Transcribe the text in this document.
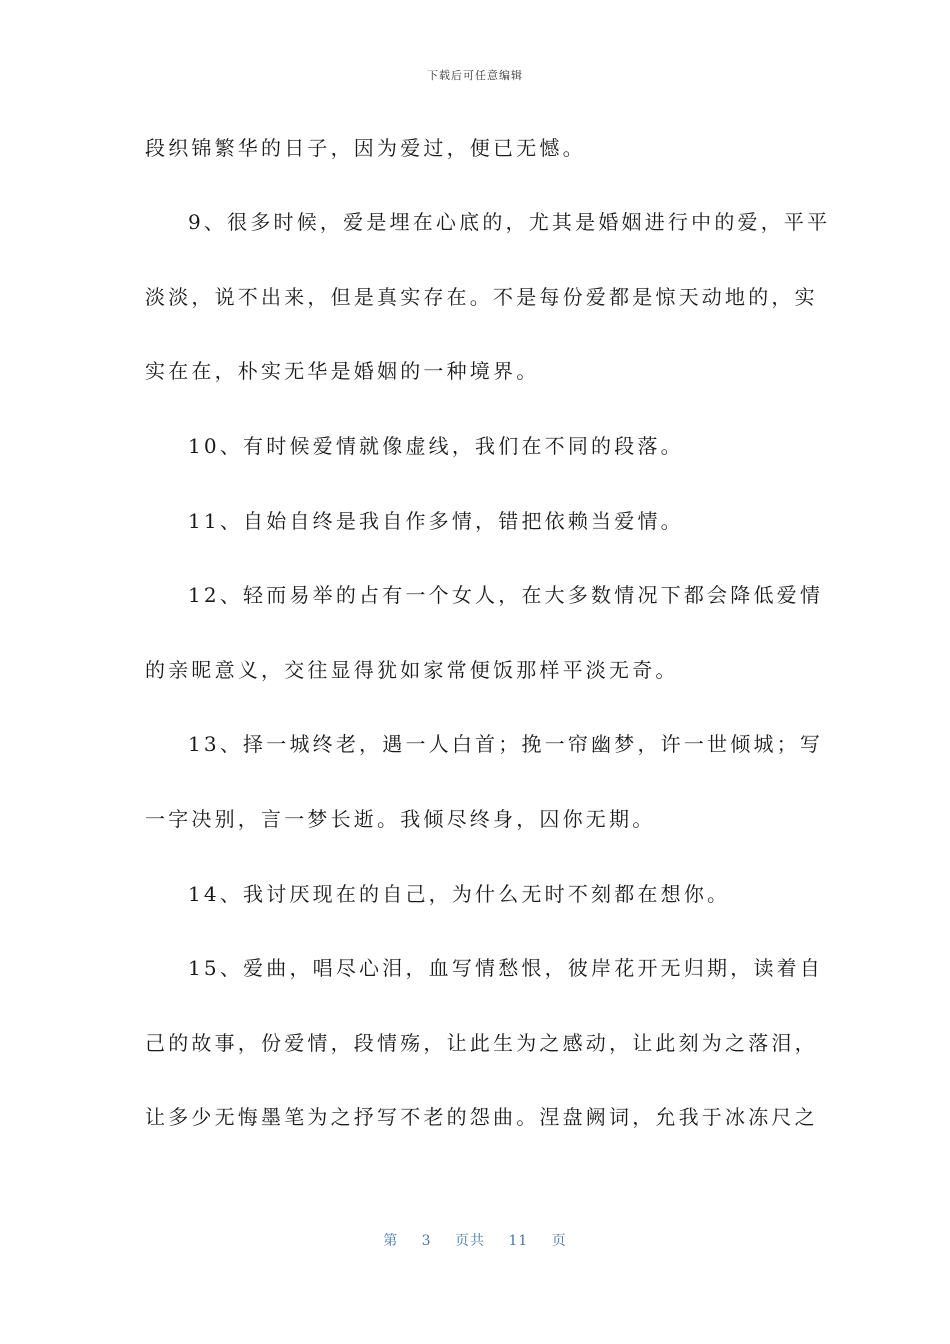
下载后可任意编辑
段织锦繁华的日子，因为爱过，便已无憾。
9、很多时候，爱是埋在心底的，尤其是婚姻进行中的爱，平平
淡淡，说不出来，但是真实存在。不是每份爱都是惊天动地的，实
实在在，朴实无华是婚姻的一种境界。
10、有时候爱情就像虚线，我们在不同的段落。
11、自始自终是我自作多情，错把依赖当爱情。
12、轻而易举的占有一个女人，在大多数情况下都会降低爱情
的亲昵意义，交往显得犹如家常便饭那样平淡无奇。
13、择一城终老，遇一人白首；挽一帘幽梦，许一世倾城；写
一字决别，言一梦长逝。我倾尽终身，囚你无期。
14、我讨厌现在的自己，为什么无时不刻都在想你。
15、爱曲，唱尽心泪，血写情愁恨，彼岸花开无归期，读着自
己的故事，份爱情，段情殇，让此生为之感动，让此刻为之落泪，
让多少无悔墨笔为之抒写不老的怨曲。涅盘阙词，允我于冰冻尺之
第 3 页共 11 页
